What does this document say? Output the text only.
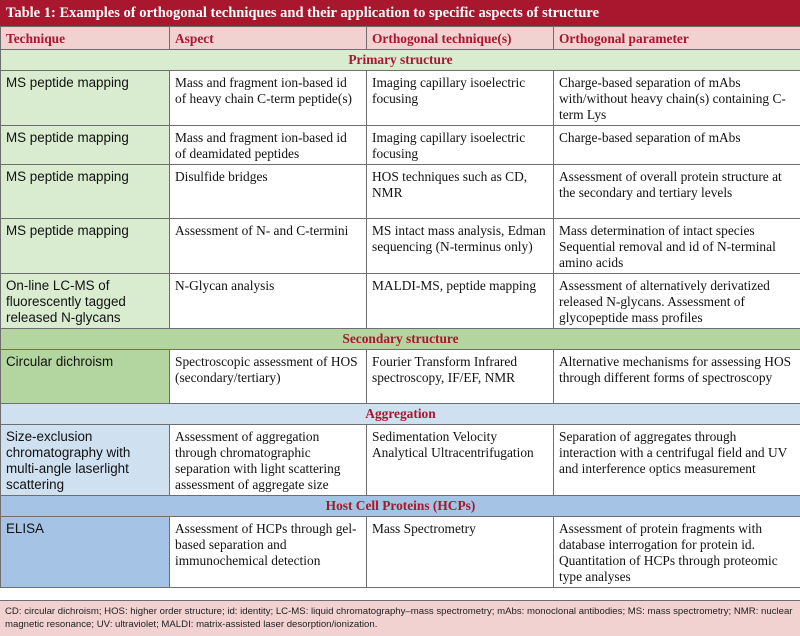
Table 1: Examples of orthogonal techniques and their application to specific aspects of structure
Technique	Aspect	Orthogonal technique(s)	Orthogonal parameter
Primary structure			
MS peptide mapping	Mass and fragment ion-based id of heavy chain C-term peptide(s)	Imaging capillary isoelectric focusing	Charge-based separation of mAbs with/without heavy chain(s) containing C-term Lys
MS peptide mapping	Mass and fragment ion-based id of deamidated peptides	Imaging capillary isoelectric focusing	Charge-based separation of mAbs
MS peptide mapping	Disulfide bridges	HOS techniques such as CD, NMR	Assessment of overall protein structure at the secondary and tertiary levels
MS peptide mapping	Assessment of N- and C-termini	MS intact mass analysis, Edman sequencing (N-terminus only)	Mass determination of intact species Sequential removal and id of N-terminal amino acids
On-line LC-MS of fluorescently tagged released N-glycans	N-Glycan analysis	MALDI-MS, peptide mapping	Assessment of alternatively derivatized released N-glycans. Assessment of glycopeptide mass profiles
Secondary structure			
Circular dichroism	Spectroscopic assessment of HOS (secondary/tertiary)	Fourier Transform Infrared spectroscopy, IF/EF, NMR	Alternative mechanisms for assessing HOS through different forms of spectroscopy
Aggregation			
Size-exclusion chromatography with multi-angle laserlight scattering	Assessment of aggregation through chromatographic separation with light scattering assessment of aggregate size	Sedimentation Velocity Analytical Ultracentrifugation	Separation of aggregates through interaction with a centrifugal field and UV and interference optics measurement
Host Cell Proteins (HCPs)			
ELISA	Assessment of HCPs through gel-based separation and immunochemical detection	Mass Spectrometry	Assessment of protein fragments with database interrogation for protein id. Quantitation of HCPs through proteomic type analyses
CD: circular dichroism; HOS: higher order structure; id: identity; LC-MS: liquid chromatography–mass spectrometry; mAbs: monoclonal antibodies; MS: mass spectrometry; NMR: nuclear magnetic resonance; UV: ultraviolet; MALDI: matrix-assisted laser desorption/ionization.
